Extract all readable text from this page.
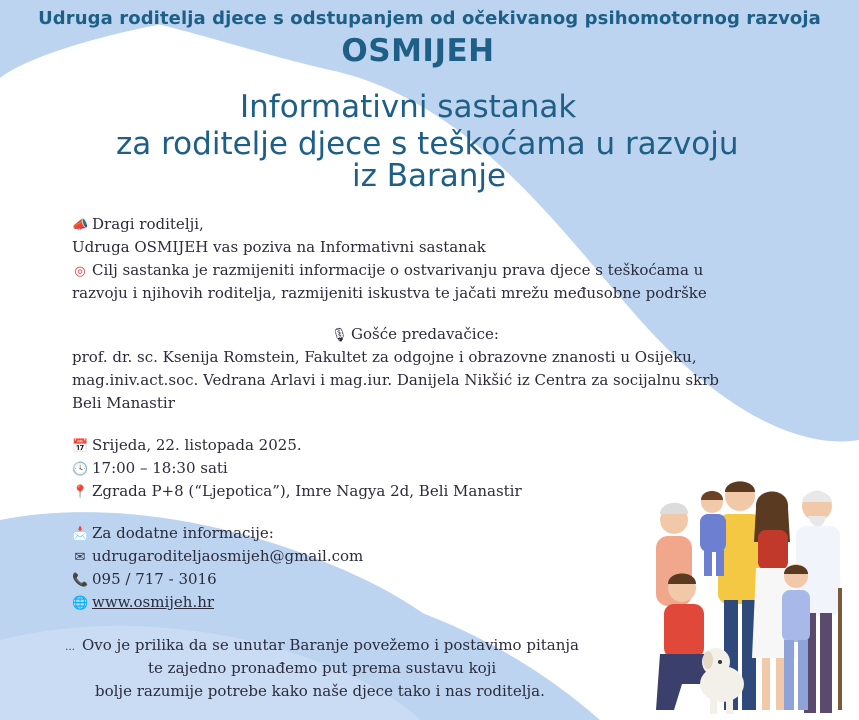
Udruga roditelja djece s odstupanjem od očekivanog psihomotornog razvoja
OSMIJEH
Informativni sastanak
za roditelje djece s teškoćama u razvoju
iz Baranje
📣 Dragi roditelji,
Udruga OSMIJEH vas poziva na Informativni sastanak
◎ Cilj sastanka je razmijeniti informacije o ostvarivanju prava djece s teškoćama u
razvoju i njihovih roditelja, razmijeniti iskustva te jačati mrežu međusobne podrške
🎙 Gošće predavačice:
prof. dr. sc. Ksenija Romstein, Fakultet za odgojne i obrazovne znanosti u Osijeku,
mag.iniv.act.soc. Vedrana Arlavi i mag.iur. Danijela Nikšić iz Centra za socijalnu skrb
Beli Manastir
📅 Srijeda, 22. listopada 2025.
🕓 17:00 – 18:30 sati
📍 Zgrada P+8 (“Ljepotica”), Imre Nagya 2d, Beli Manastir
📩 Za dodatne informacije:
✉ udrugaroditeljaosmijeh@gmail.com
📞 095 / 717 - 3016
🌐 www.osmijeh.hr
… Ovo je prilika da se unutar Baranje povežemo i postavimo pitanja
te zajedno pronađemo put prema sustavu koji
bolje razumije potrebe kako naše djece tako i nas roditelja.
